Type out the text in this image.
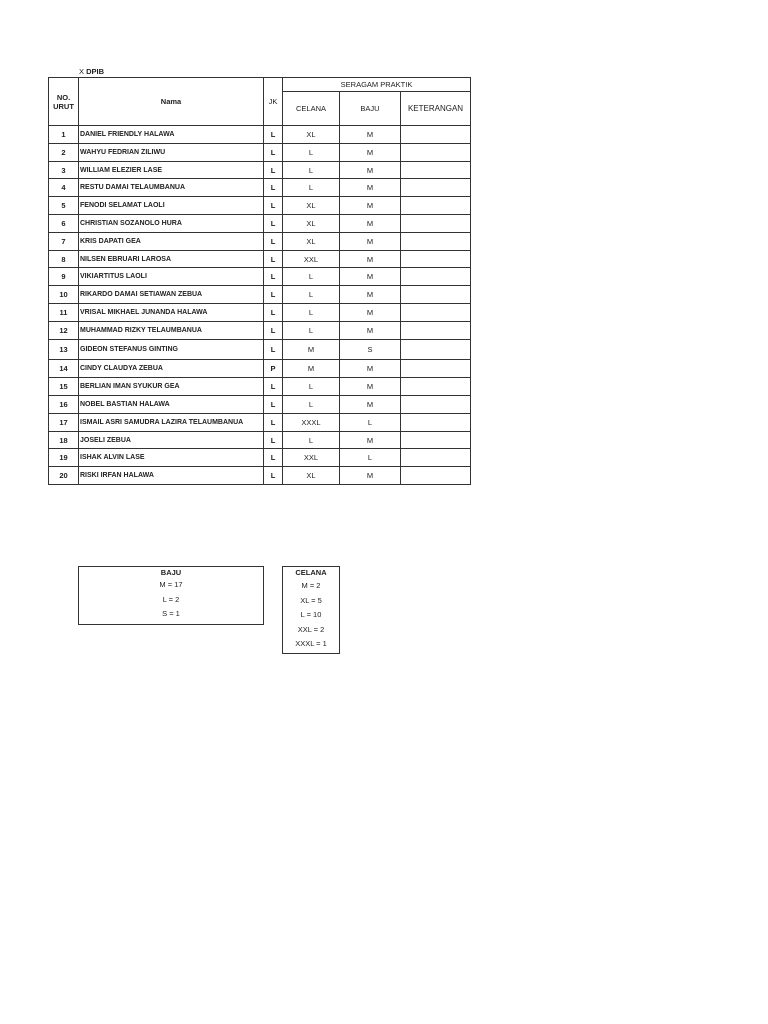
X DPIB
NO. URUT	Nama	JK	SERAGAM PRAKTIK		
			CELANA	BAJU	KETERANGAN
1	DANIEL FRIENDLY HALAWA	L	XL	M	
2	WAHYU FEDRIAN ZILIWU	L	L	M	
3	WILLIAM ELEZIER LASE	L	L	M	
4	RESTU DAMAI TELAUMBANUA	L	L	M	
5	FENODI SELAMAT LAOLI	L	XL	M	
6	CHRISTIAN SOZANOLO HURA	L	XL	M	
7	KRIS DAPATI GEA	L	XL	M	
8	NILSEN EBRUARI LAROSA	L	XXL	M	
9	VIKIARTITUS LAOLI	L	L	M	
10	RIKARDO DAMAI SETIAWAN ZEBUA	L	L	M	
11	VRISAL MIKHAEL JUNANDA HALAWA	L	L	M	
12	MUHAMMAD RIZKY TELAUMBANUA	L	L	M	
13	GIDEON STEFANUS GINTING	L	M	S	
14	CINDY CLAUDYA ZEBUA	P	M	M	
15	BERLIAN IMAN SYUKUR GEA	L	L	M	
16	NOBEL BASTIAN HALAWA	L	L	M	
17	ISMAIL ASRI SAMUDRA LAZIRA TELAUMBANUA	L	XXXL	L	
18	JOSELI ZEBUA	L	L	M	
19	ISHAK ALVIN LASE	L	XXL	L	
20	RISKI IRFAN HALAWA	L	XL	M	
BAJU
M = 17
L = 2
S = 1
CELANA
M = 2
XL = 5
L = 10
XXL = 2
XXXL = 1
